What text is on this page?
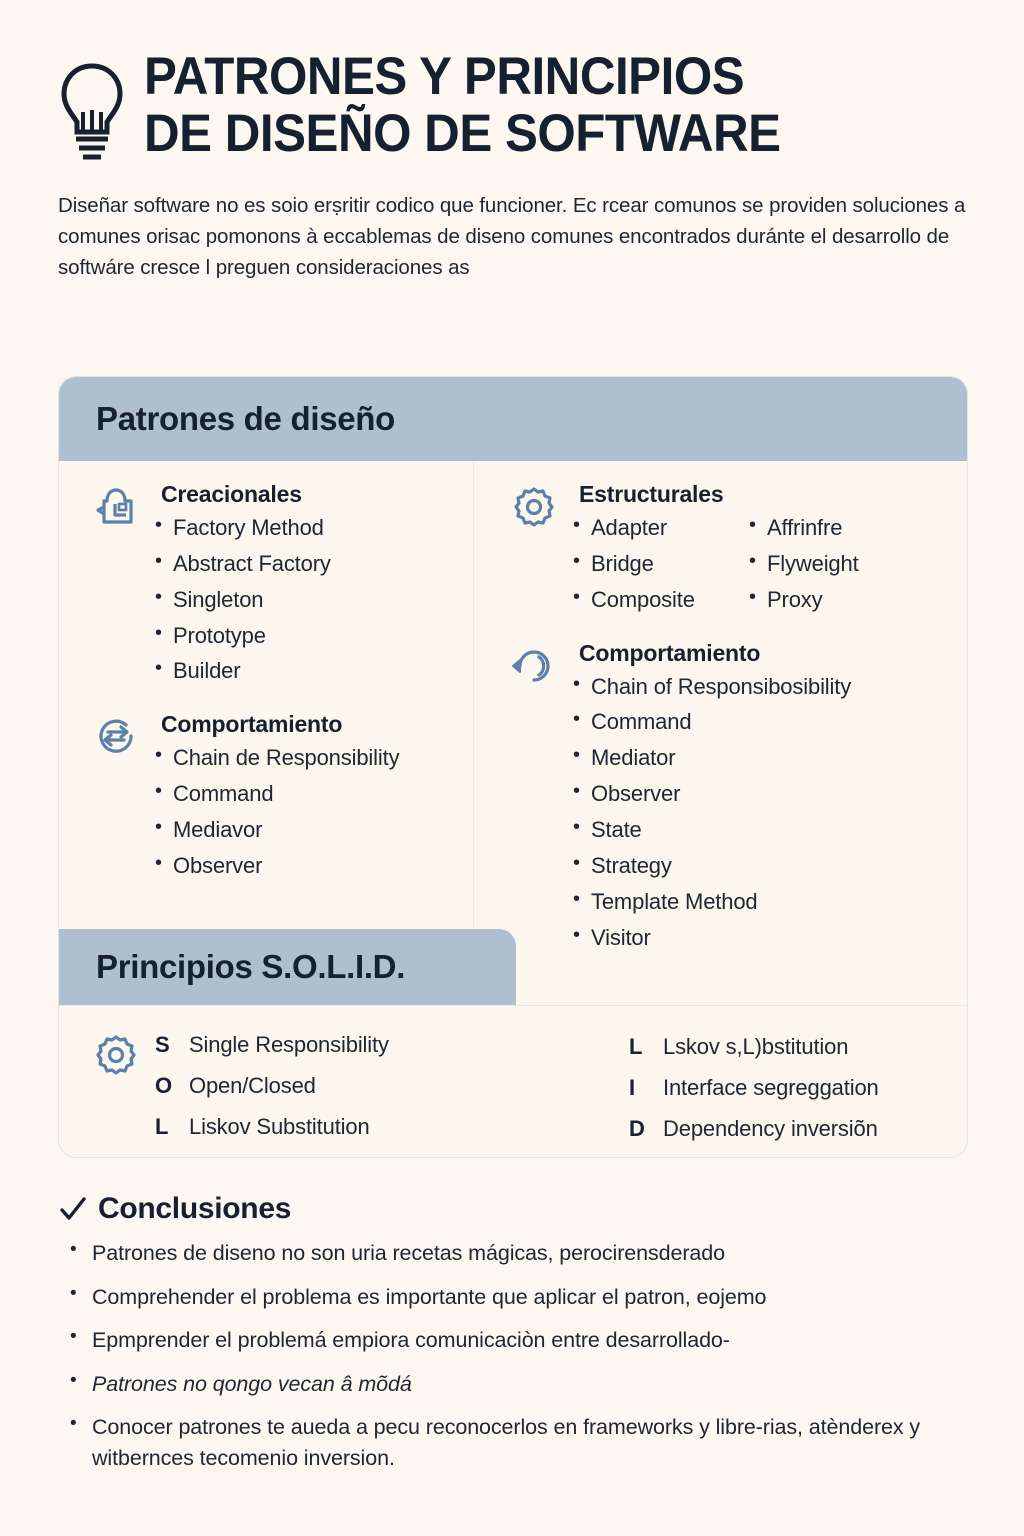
PATRONES Y PRINCIPIOS
DE DISEÑO DE SOFTWARE
Diseñar software no es soio erṣritir codico que funcioner. Ec rcear comunos se providen soluciones a comunes orisac pomonons à eccablemas de diseno comunes encontrados duránte el desarrollo de softwáre cresce l preguen consideraciones as
Patrones de diseño
Creacionales
• Factory Method
• Abstract Factory
• Singleton
• Prototype
• Builder
Comportamiento
• Chain de Responsibility
• Command
• Mediavor
• Observer
Estructurales
• Adapter
• Bridge
• Composite
• Affrinfre
• Flyweight
• Proxy
Comportamiento
• Chain of Responsibosibility
• Command
• Mediator
• Observer
• State
• Strategy
• Template Method
• Visitor
Principios S.O.L.I.D.
S Single Responsibility
O Open/Closed
L Liskov Substitution
L Lskov s,L)bstitution
I	Interface segreggation
D Dependency inversiõn
Conclusiones
• Patrones de diseno no son uria recetas mágicas, perocirensderado
• Comprehender el problema es importante que aplicar el patron, eojemo
• Epmprender el problemá empiora comunicaciòn entre desarrollado-
• Patrones no qongo vecan â mõdá
• Conocer patrones te aueda a pecu reconocerlos en frameworks y libre-rias, atènderex y witbernces tecomenio inversion.
